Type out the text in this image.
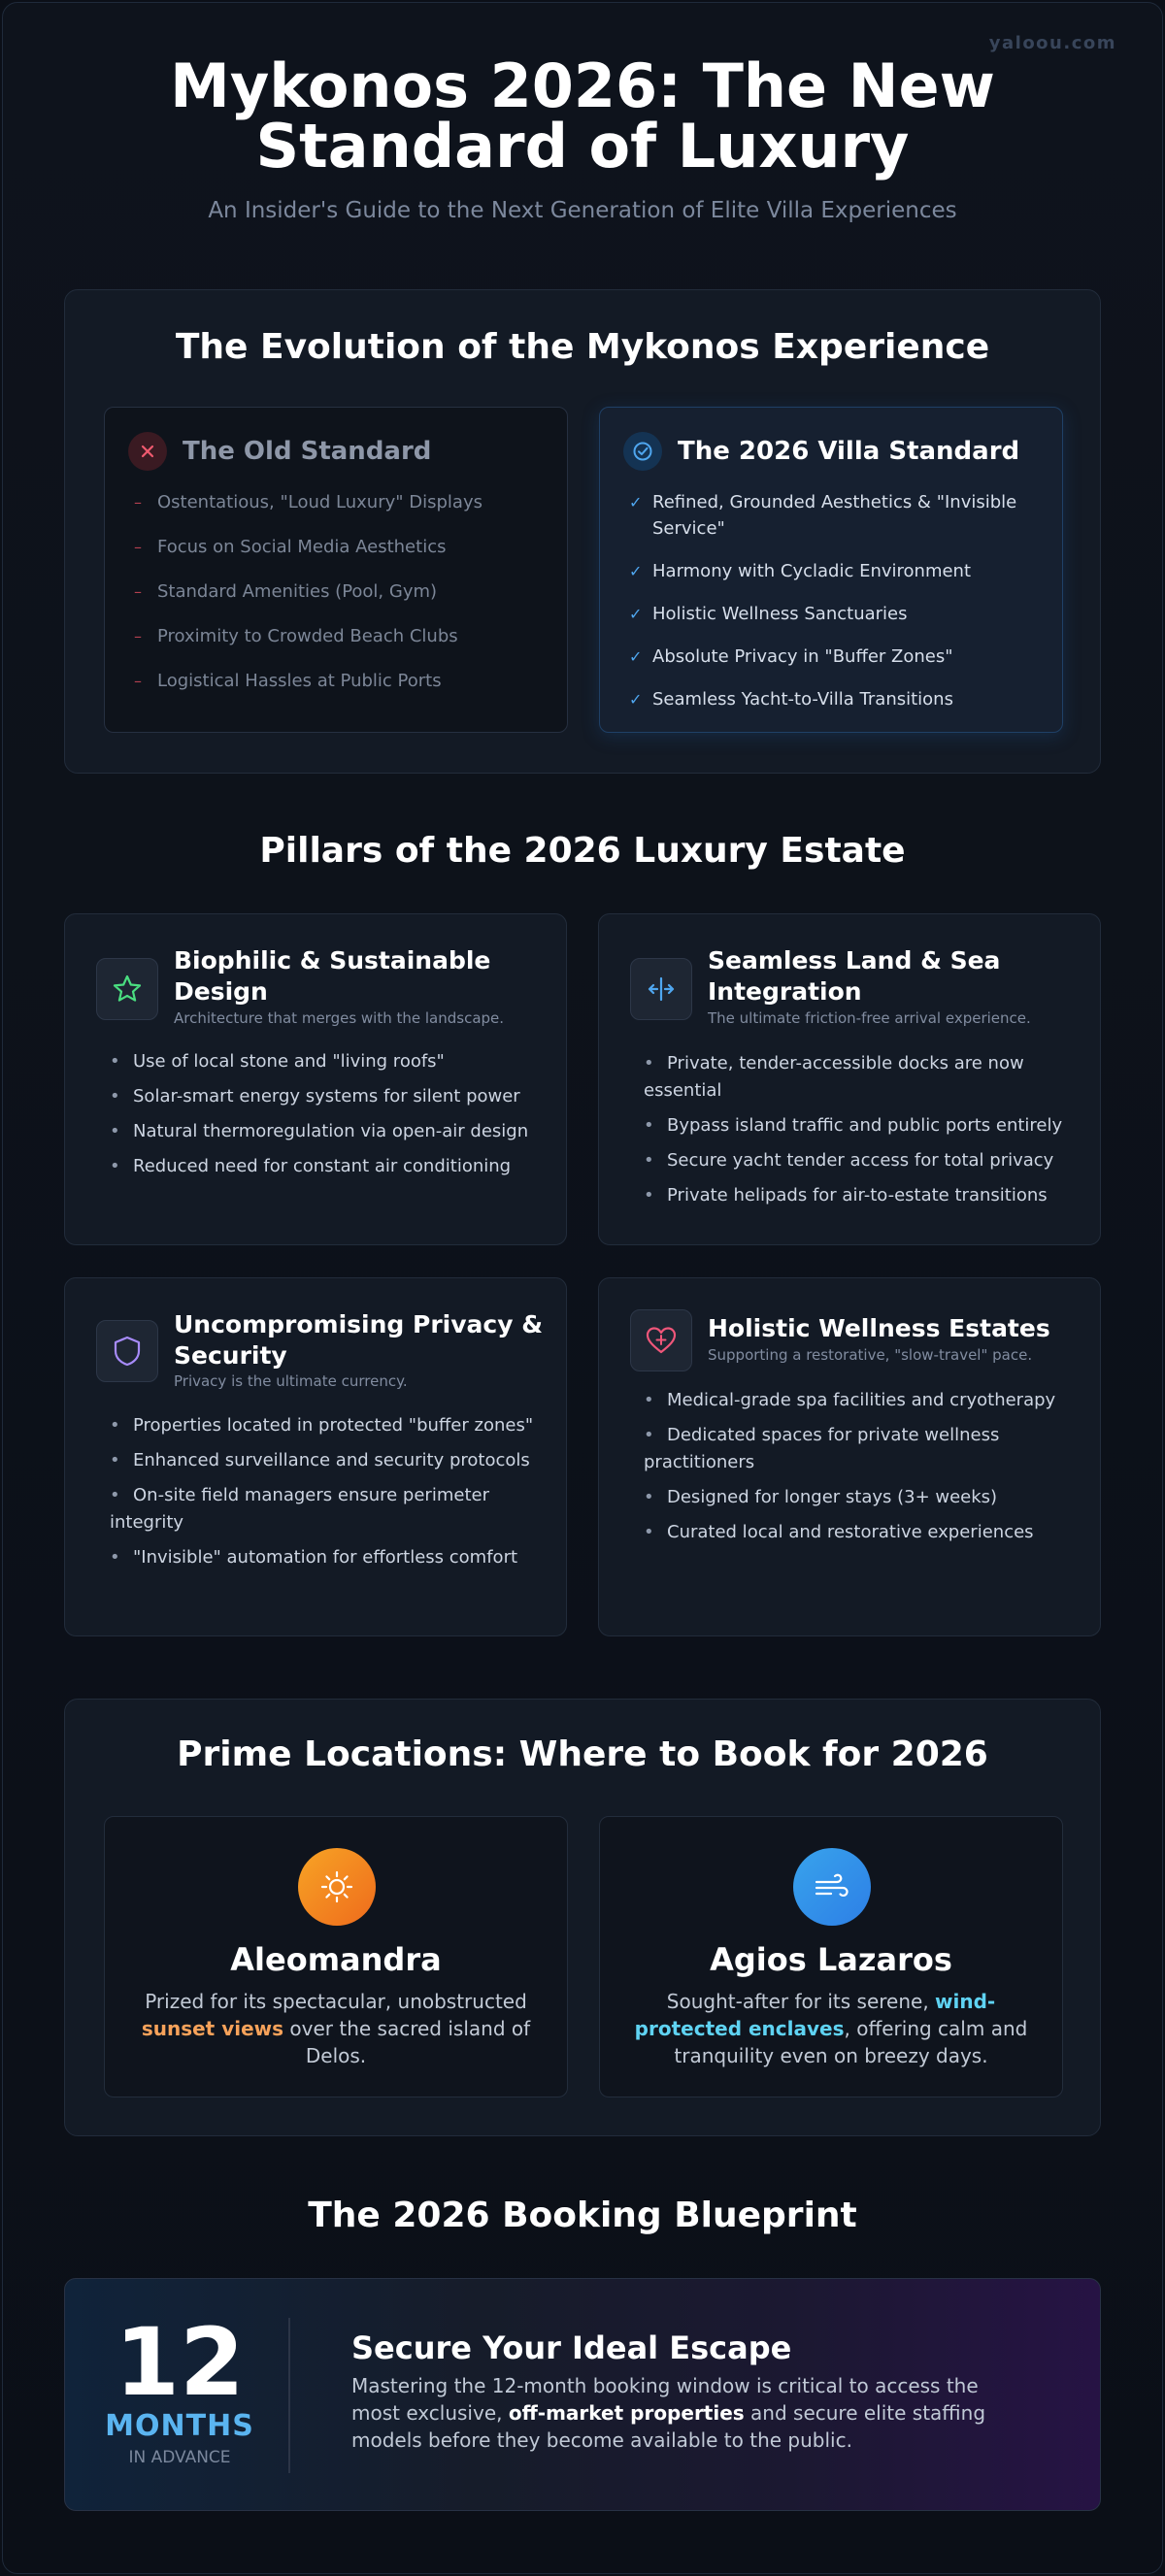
yaloou.com
Mykonos 2026: The New
Standard of Luxury
An Insider's Guide to the Next Generation of Elite Villa Experiences
The Evolution of the Mykonos Experience
The Old Standard
– Ostentatious, "Loud Luxury" Displays
– Focus on Social Media Aesthetics
– Standard Amenities (Pool, Gym)
– Proximity to Crowded Beach Clubs
– Logistical Hassles at Public Ports
The 2026 Villa Standard
✓ Refined, Grounded Aesthetics & "Invisible Service"
✓ Harmony with Cycladic Environment
✓ Holistic Wellness Sanctuaries
✓ Absolute Privacy in "Buffer Zones"
✓ Seamless Yacht-to-Villa Transitions
Pillars of the 2026 Luxury Estate
Biophilic & Sustainable Design
Architecture that merges with the landscape.
• Use of local stone and "living roofs"
• Solar-smart energy systems for silent power
• Natural thermoregulation via open-air design
• Reduced need for constant air conditioning
Seamless Land & Sea Integration
The ultimate friction-free arrival experience.
• Private, tender-accessible docks are now essential
• Bypass island traffic and public ports entirely
• Secure yacht tender access for total privacy
• Private helipads for air-to-estate transitions
Uncompromising Privacy & Security
Privacy is the ultimate currency.
• Properties located in protected "buffer zones"
• Enhanced surveillance and security protocols
• On-site field managers ensure perimeter integrity
• "Invisible" automation for effortless comfort
Holistic Wellness Estates
Supporting a restorative, "slow-travel" pace.
• Medical-grade spa facilities and cryotherapy
• Dedicated spaces for private wellness practitioners
• Designed for longer stays (3+ weeks)
• Curated local and restorative experiences
Prime Locations: Where to Book for 2026
Aleomandra
Prized for its spectacular, unobstructed sunset views over the sacred island of Delos.
Agios Lazaros
Sought-after for its serene, wind-protected enclaves, offering calm and tranquility even on breezy days.
The 2026 Booking Blueprint
12
MONTHS
IN ADVANCE
Secure Your Ideal Escape
Mastering the 12-month booking window is critical to access the most exclusive, off-market properties and secure elite staffing models before they become available to the public.
